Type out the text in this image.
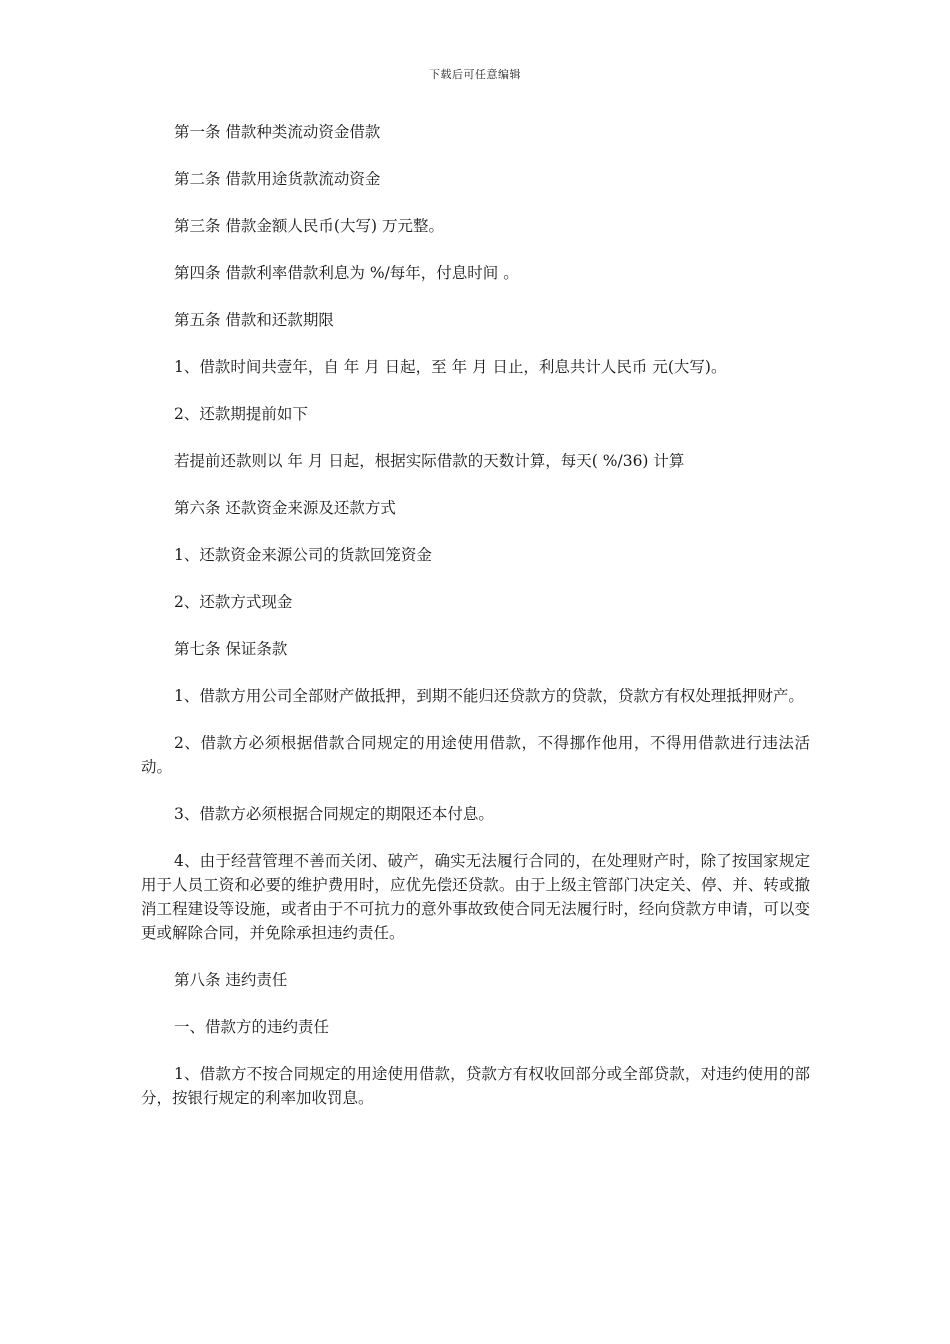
下载后可任意编辑

第一条 借款种类流动资金借款

第二条 借款用途货款流动资金

第三条 借款金额人民币(大写) 万元整。

第四条 借款利率借款利息为 %/每年，付息时间 。

第五条 借款和还款期限

1、借款时间共壹年，自 年 月 日起，至 年 月 日止，利息共计人民币 元(大写)。

2、还款期提前如下

若提前还款则以 年 月 日起，根据实际借款的天数计算，每天( %/36) 计算

第六条 还款资金来源及还款方式

1、还款资金来源公司的货款回笼资金

2、还款方式现金

第七条 保证条款

1、借款方用公司全部财产做抵押，到期不能归还贷款方的贷款，贷款方有权处理抵押财产。

2、借款方必须根据借款合同规定的用途使用借款，不得挪作他用，不得用借款进行违法活动。

3、借款方必须根据合同规定的期限还本付息。

4、由于经营管理不善而关闭、破产，确实无法履行合同的，在处理财产时，除了按国家规定用于人员工资和必要的维护费用时，应优先偿还贷款。由于上级主管部门决定关、停、并、转或撤消工程建设等设施，或者由于不可抗力的意外事故致使合同无法履行时，经向贷款方申请，可以变更或解除合同，并免除承担违约责任。

第八条 违约责任

一、借款方的违约责任

1、借款方不按合同规定的用途使用借款，贷款方有权收回部分或全部贷款，对违约使用的部分，按银行规定的利率加收罚息。
